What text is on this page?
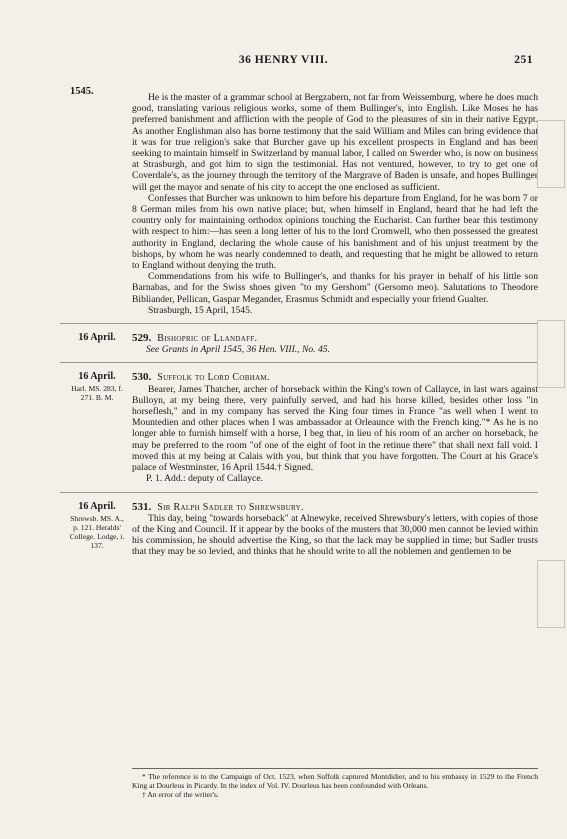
36 HENRY VIII.	251
1545.

He is the master of a grammar school at Bergzabern, not far from Weissemburg, where he does much good, translating various religious works, some of them Bullinger's, into English. Like Moses he has preferred banishment and affliction with the people of God to the pleasures of sin in their native Egypt. As another Englishman also has borne testimony that the said William and Miles can bring evidence that it was for true religion's sake that Burcher gave up his excellent prospects in England and has been seeking to maintain himself in Switzerland by manual labor, I called on Swerder who, is now on business at Strasburgh, and got him to sign the testimonial. Has not ventured, however, to try to get one of Coverdale's, as the journey through the territory of the Margrave of Baden is unsafe, and hopes Bullinger will get the mayor and senate of his city to accept the one enclosed as sufficient.

Confesses that Burcher was unknown to him before his departure from England, for he was born 7 or 8 German miles from his own native place; but, when himself in England, heard that he had left the country only for maintaining orthodox opinions touching the Eucharist. Can further bear this testimony with respect to him:—has seen a long letter of his to the lord Cromwell, who then possessed the greatest authority in England, declaring the whole cause of his banishment and of his unjust treatment by the bishops, by whom he was nearly condemned to death, and requesting that he might be allowed to return to England without denying the truth.

Commendations from his wife to Bullinger's, and thanks for his prayer in behalf of his little son Barnabas, and for the Swiss shoes given "to my Gershom" (Gersomo meo). Salutations to Theodore Bibliander, Pellican, Gaspar Megander, Erasmus Schmidt and especially your friend Gualter.

Strasburgh, 15 April, 1545.

16 April.	529. Bishopric of Llandaff.

See Grants in April 1545, 36 Hen. VIII., No. 45.

16 April.
Harl. MS. 283, f. 271. B. M.
530. Suffolk to Lord Cobham.

Bearer, James Thatcher, archer of horseback within the King's town of Callayce, in last wars against Bulloyn, at my being there, very painfully served, and had his horse killed, besides other loss "in horseflesh," and in my company has served the King four times in France "as well when I went to Mountedien and other places when I was ambassador at Orleaunce with the French king."* As he is no longer able to furnish himself with a horse, I beg that, in lieu of his room of an archer on horseback, he may be preferred to the room "of one of the eight of foot in the retinue there" that shall next fall void. I moved this at my being at Calais with you, but think that you have forgotten. The Court at his Grace's palace of Westminster, 16 April 1544.† Signed.

P. 1. Add.: deputy of Callayce.

16 April.
Shrewsb. MS. A., p. 121. Heralds' College. Lodge, i. 137.
531. Sir Ralph Sadler to Shrewsbury.

This day, being "towards horseback" at Alnewyke, received Shrewsbury's letters, with copies of those of the King and Council. If it appear by the books of the musters that 30,000 men cannot be levied within his commission, he should advertise the King, so that the lack may be supplied in time; but Sadler trusts that they may be so levied, and thinks that he should write to all the noblemen and gentlemen to be

* The reference is to the Campaign of Oct. 1523, when Suffolk captured Montdidier, and to his embassy in 1529 to the French King at Dourleus in Picardy. In the index of Vol. IV. Dourleus has been confounded with Orleans.

† An error of the writer's.
